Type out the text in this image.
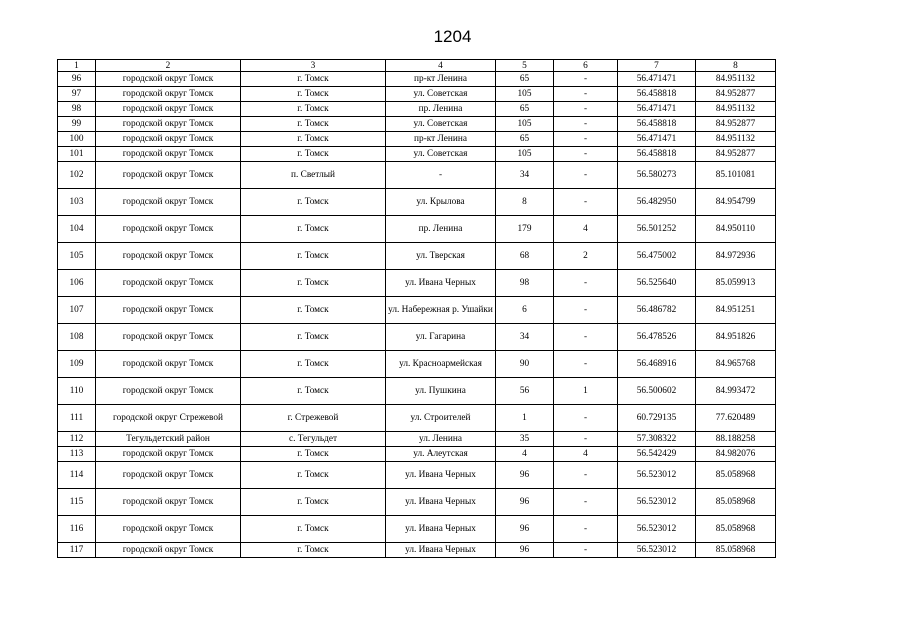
1204
1	2	3	4	5	6	7	8
96	городской округ Томск	г. Томск	пр-кт Ленина	65	-	56.471471	84.951132
97	городской округ Томск	г. Томск	ул. Советская	105	-	56.458818	84.952877
98	городской округ Томск	г. Томск	пр. Ленина	65	-	56.471471	84.951132
99	городской округ Томск	г. Томск	ул. Советская	105	-	56.458818	84.952877
100	городской округ Томск	г. Томск	пр-кт Ленина	65	-	56.471471	84.951132
101	городской округ Томск	г. Томск	ул. Советская	105	-	56.458818	84.952877
102	городской округ Томск	п. Светлый	-	34	-	56.580273	85.101081
103	городской округ Томск	г. Томск	ул. Крылова	8	-	56.482950	84.954799
104	городской округ Томск	г. Томск	пр. Ленина	179	4	56.501252	84.950110
105	городской округ Томск	г. Томск	ул. Тверская	68	2	56.475002	84.972936
106	городской округ Томск	г. Томск	ул. Ивана Черных	98	-	56.525640	85.059913
107	городской округ Томск	г. Томск	ул. Набережная р. Ушайки	6	-	56.486782	84.951251
108	городской округ Томск	г. Томск	ул. Гагарина	34	-	56.478526	84.951826
109	городской округ Томск	г. Томск	ул. Красноармейская	90	-	56.468916	84.965768
110	городской округ Томск	г. Томск	ул. Пушкина	56	1	56.500602	84.993472
111	городской округ Стрежевой	г. Стрежевой	ул. Строителей	1	-	60.729135	77.620489
112	Тегульдетский район	с. Тегульдет	ул. Ленина	35	-	57.308322	88.188258
113	городской округ Томск	г. Томск	ул. Алеутская	4	4	56.542429	84.982076
114	городской округ Томск	г. Томск	ул. Ивана Черных	96	-	56.523012	85.058968
115	городской округ Томск	г. Томск	ул. Ивана Черных	96	-	56.523012	85.058968
116	городской округ Томск	г. Томск	ул. Ивана Черных	96	-	56.523012	85.058968
117	городской округ Томск	г. Томск	ул. Ивана Черных	96	-	56.523012	85.058968
